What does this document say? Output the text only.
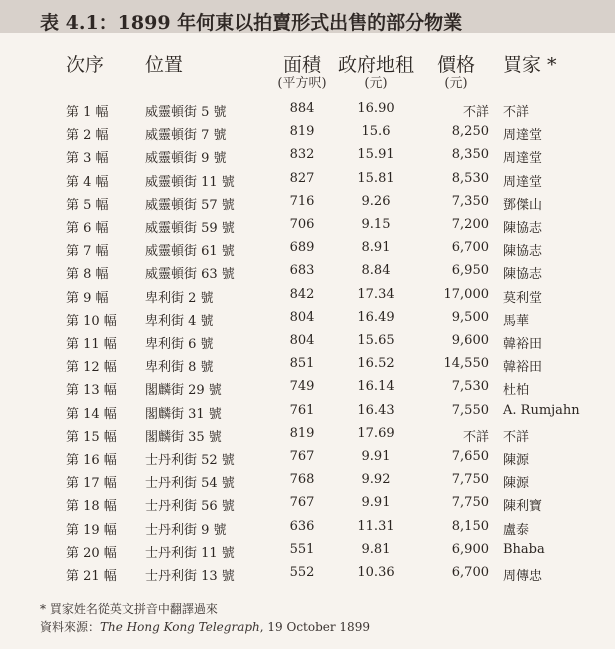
表 4.1：1899 年何東以拍賣形式出售的部分物業
次序 位置	面積 政府地租	價格	買家 *
(平方呎)	(元)	(元)
第 1 幅	威靈頓街 5 號	884	16.90	不詳 不詳
第 2 幅	威靈頓街 7 號	819	15.6	8,250 周達堂
第 3 幅	威靈頓街 9 號	832	15.91	8,350 周達堂
第 4 幅	威靈頓街 11 號	827	15.81	8,530 周達堂
第 5 幅	威靈頓街 57 號	716	9.26	7,350 鄧傑山
第 6 幅	威靈頓街 59 號	706	9.15	7,200 陳協志
第 7 幅	威靈頓街 61 號	689	8.91	6,700 陳協志
第 8 幅	威靈頓街 63 號	683	8.84	6,950 陳協志
第 9 幅	卑利街 2 號	842	17.34	17,000 莫利堂
第 10 幅 卑利街 4 號	804	16.49	9,500 馬華
第 11 幅 卑利街 6 號	804	15.65	9,600 韓裕田
第 12 幅 卑利街 8 號	851	16.52	14,550 韓裕田
第 13 幅 閣麟街 29 號	749	16.14	7,530 杜柏
第 14 幅 閣麟街 31 號	761	16.43	7,550 A. Rumjahn
第 15 幅 閣麟街 35 號	819	17.69	不詳 不詳
第 16 幅 士丹利街 52 號	767	9.91	7,650 陳源
第 17 幅 士丹利街 54 號	768	9.92	7,750 陳源
第 18 幅 士丹利街 56 號	767	9.91	7,750 陳利寶
第 19 幅 士丹利街 9 號	636	11.31	8,150 盧泰
第 20 幅 士丹利街 11 號	551	9.81	6,900 Bhaba
第 21 幅 士丹利街 13 號	552	10.36	6,700 周傳忠
* 買家姓名從英文拼音中翻譯過來
資料來源：The Hong Kong Telegraph, 19 October 1899
